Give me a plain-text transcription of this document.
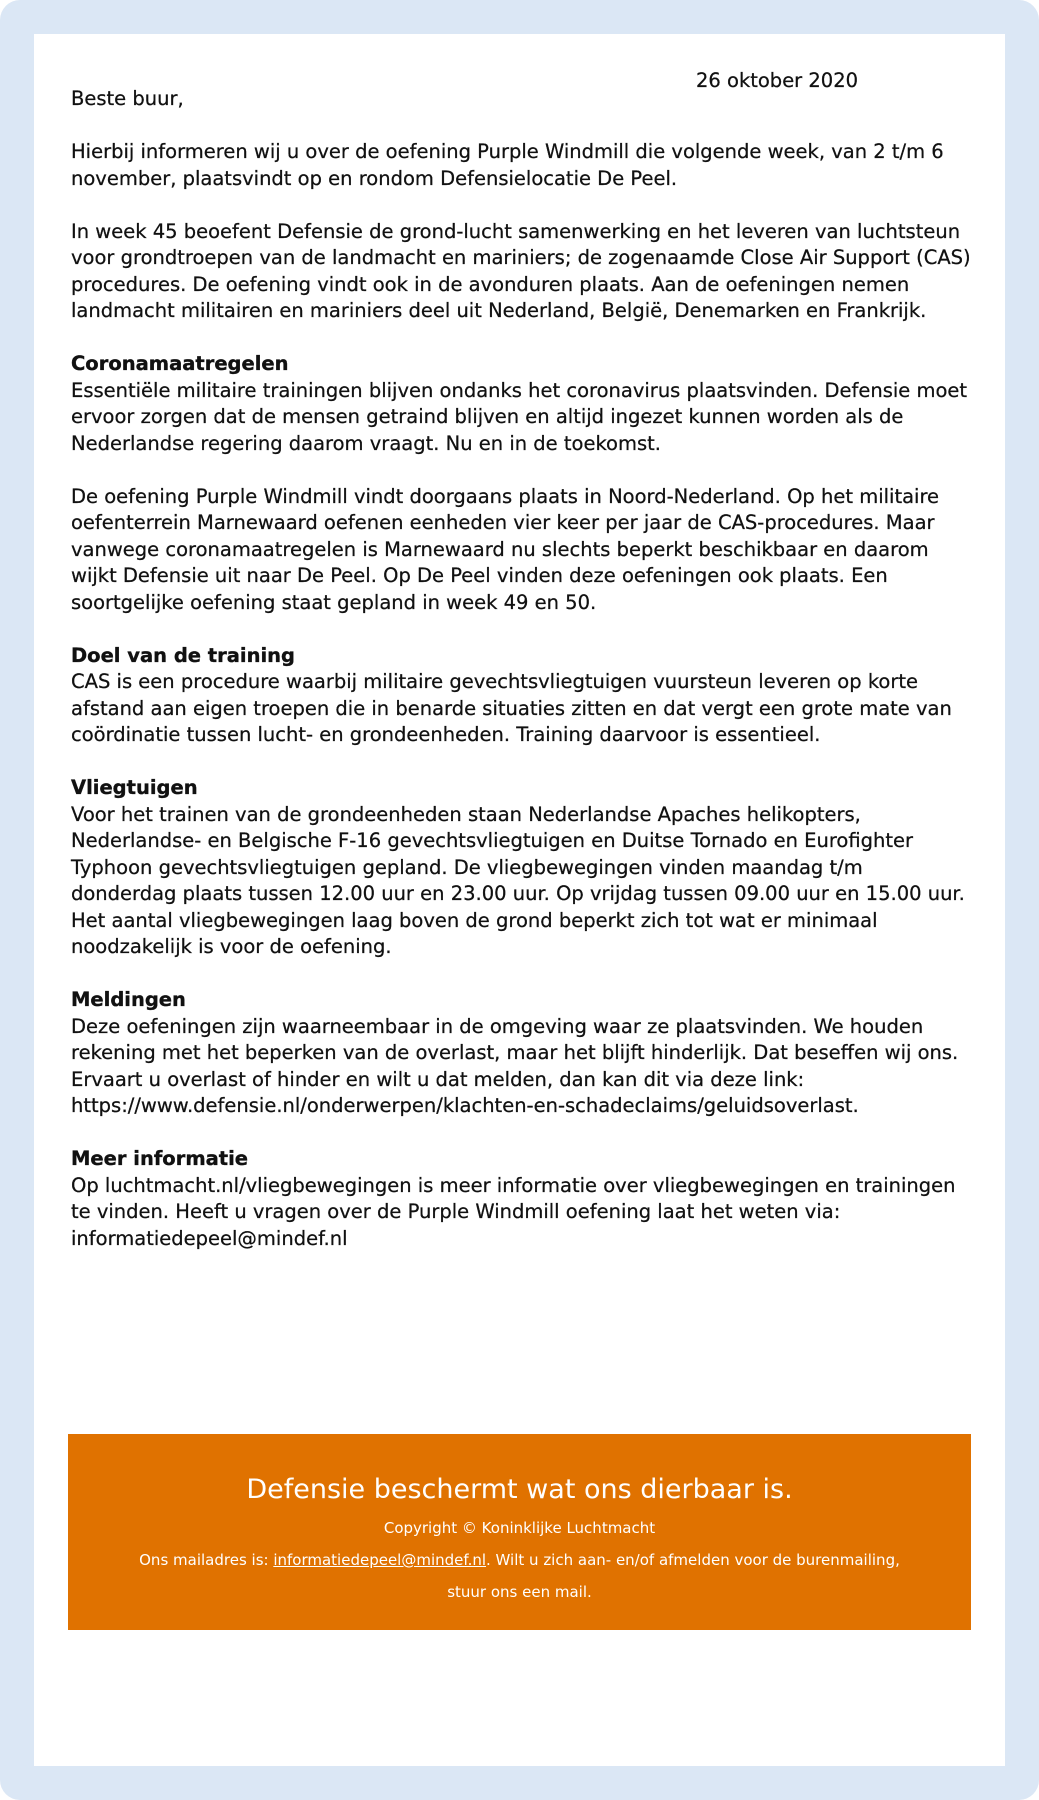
26 oktober 2020

Beste buur,

Hierbij informeren wij u over de oefening Purple Windmill die volgende week, van 2 t/m 6 november, plaatsvindt op en rondom Defensielocatie De Peel.

In week 45 beoefent Defensie de grond-lucht samenwerking en het leveren van luchtsteun voor grondtroepen van de landmacht en mariniers; de zogenaamde Close Air Support (CAS) procedures. De oefening vindt ook in de avonduren plaats. Aan de oefeningen nemen landmacht militairen en mariniers deel uit Nederland, België, Denemarken en Frankrijk.

Coronamaatregelen

Essentiële militaire trainingen blijven ondanks het coronavirus plaatsvinden. Defensie moet ervoor zorgen dat de mensen getraind blijven en altijd ingezet kunnen worden als de Nederlandse regering daarom vraagt. Nu en in de toekomst.

De oefening Purple Windmill vindt doorgaans plaats in Noord-Nederland. Op het militaire oefenterrein Marnewaard oefenen eenheden vier keer per jaar de CAS-procedures. Maar vanwege coronamaatregelen is Marnewaard nu slechts beperkt beschikbaar en daarom wijkt Defensie uit naar De Peel. Op De Peel vinden deze oefeningen ook plaats. Een soortgelijke oefening staat gepland in week 49 en 50.

Doel van de training

CAS is een procedure waarbij militaire gevechtsvliegtuigen vuursteun leveren op korte afstand aan eigen troepen die in benarde situaties zitten en dat vergt een grote mate van coördinatie tussen lucht- en grondeenheden. Training daarvoor is essentieel.

Vliegtuigen

Voor het trainen van de grondeenheden staan Nederlandse Apaches helikopters, Nederlandse- en Belgische F-16 gevechtsvliegtuigen en Duitse Tornado en Eurofighter Typhoon gevechtsvliegtuigen gepland. De vliegbewegingen vinden maandag t/m donderdag plaats tussen 12.00 uur en 23.00 uur. Op vrijdag tussen 09.00 uur en 15.00 uur. Het aantal vliegbewegingen laag boven de grond beperkt zich tot wat er minimaal noodzakelijk is voor de oefening.

Meldingen

Deze oefeningen zijn waarneembaar in de omgeving waar ze plaatsvinden. We houden rekening met het beperken van de overlast, maar het blijft hinderlijk. Dat beseffen wij ons. Ervaart u overlast of hinder en wilt u dat melden, dan kan dit via deze link: https://www.defensie.nl/onderwerpen/klachten-en-schadeclaims/geluidsoverlast.

Meer informatie

Op luchtmacht.nl/vliegbewegingen is meer informatie over vliegbewegingen en trainingen te vinden. Heeft u vragen over de Purple Windmill oefening laat het weten via: informatiedepeel@mindef.nl

Defensie beschermt wat ons dierbaar is.
Copyright © Koninklijke Luchtmacht
Ons mailadres is: informatiedepeel@mindef.nl. Wilt u zich aan- en/of afmelden voor de burenmailing,
stuur ons een mail.
